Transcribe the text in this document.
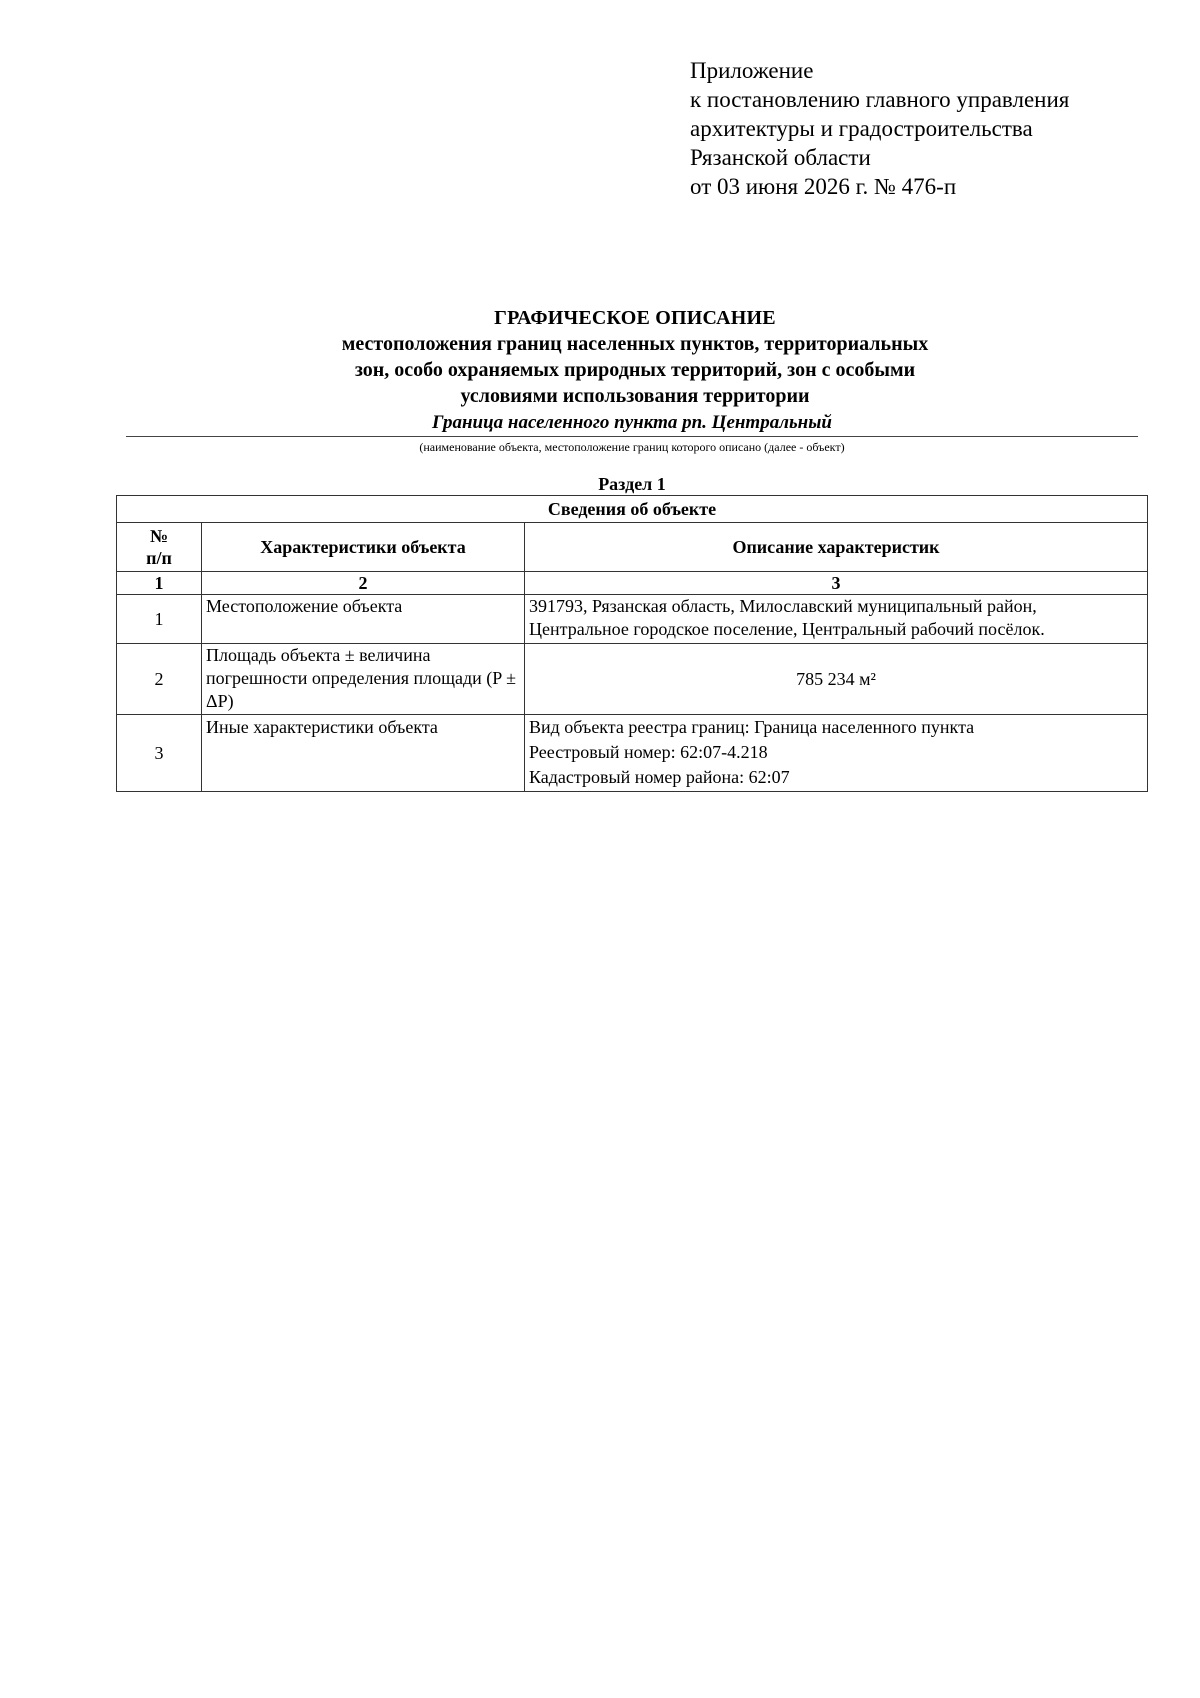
Приложение
к постановлению главного управления
архитектуры и градостроительства
Рязанской области
от 03 июня 2026 г. № 476-п
ГРАФИЧЕСКОЕ ОПИСАНИЕ
местоположения границ населенных пунктов, территориальных
зон, особо охраняемых природных территорий, зон с особыми
условиями использования территории
Граница населенного пункта рп. Центральный
(наименование объекта, местоположение границ которого описано (далее - объект)
Раздел 1
Сведения об объекте		
№ п/п	Характеристики объекта	Описание характеристик
1	2	3
1	Местоположение объекта	391793, Рязанская область, Милославский муниципальный район,
Центральное городское поселение, Центральный рабочий посёлок.

2	Площадь объекта ± величина погрешности определения площади (P ± ΔP)	785 234 м²
3	Иные характеристики объекта	Вид объекта реестра границ: Граница населенного пункта
Реестровый номер: 62:07-4.218
Кадастровый номер района: 62:07
